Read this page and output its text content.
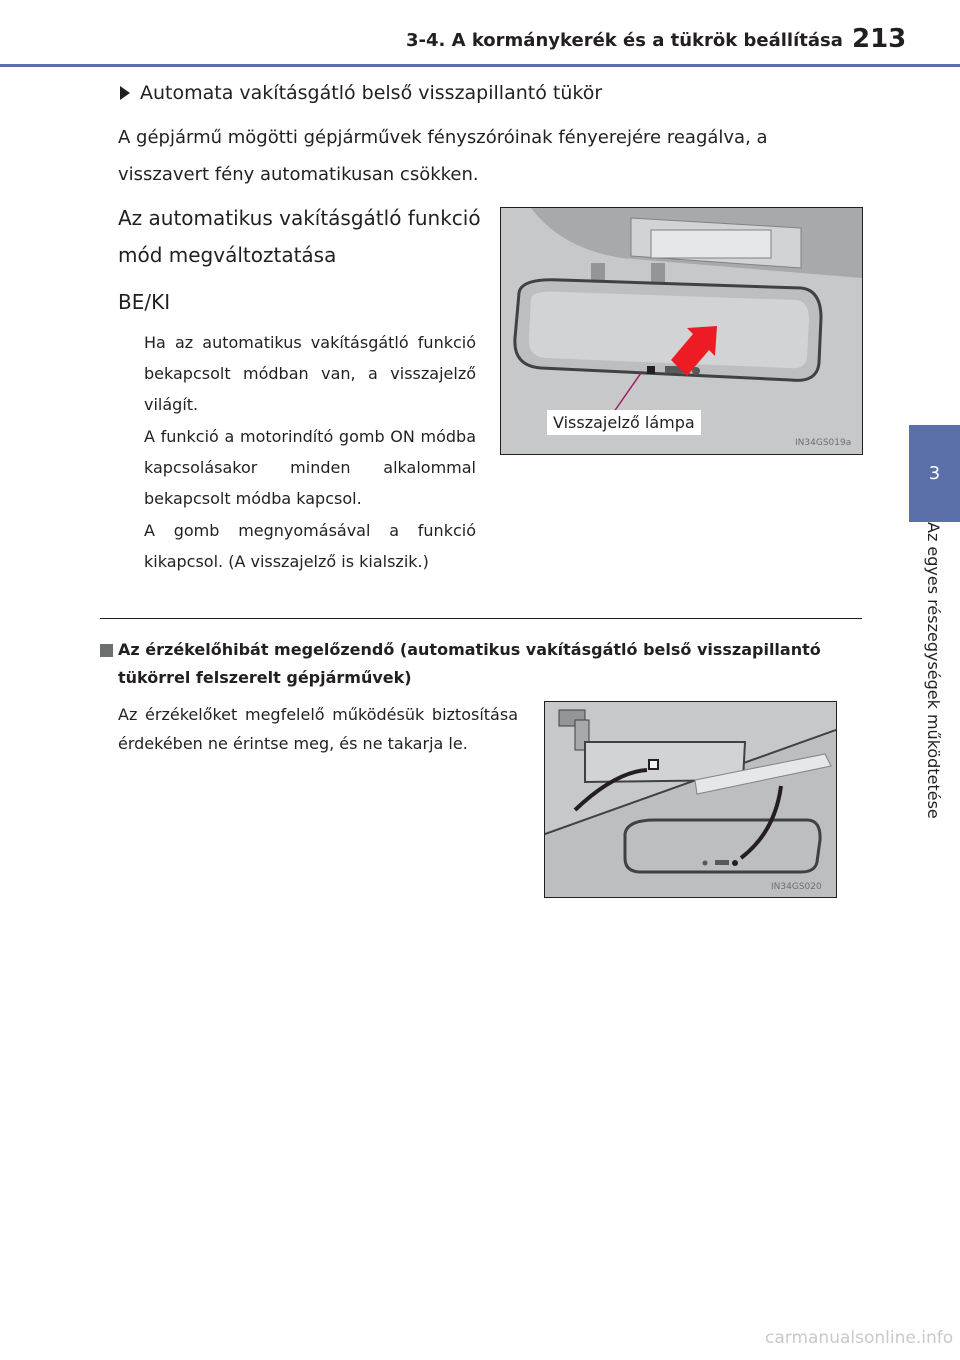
3-4. A kormánykerék és a tükrök beállítása 213
3
Az egyes részegységek működtetése
Automata vakításgátló belső visszapillantó tükör
A gépjármű mögötti gépjárművek fényszóróinak fényerejére reagálva, a
visszavert fény automatikusan csökken.
Az automatikus vakításgátló funkció
mód megváltoztatása
BE/KI
Ha az automatikus vakításgátló funkció bekapcsolt módban van, a visszajelző világít.
A funkció a motorindító gomb ON módba kapcsolásakor minden alkalommal bekapcsolt módba kapcsol.
A gomb megnyomásával a funkció kikapcsol. (A visszajelző is kialszik.)
Visszajelző lámpa
IN34GS019a
Az érzékelőhibát megelőzendő (automatikus vakításgátló belső visszapillantó tükörrel felszerelt gépjárművek)
Az érzékelőket megfelelő működésük biztosítása érdekében ne érintse meg, és ne takarja le.
IN34GS020
carmanualsonline.info
